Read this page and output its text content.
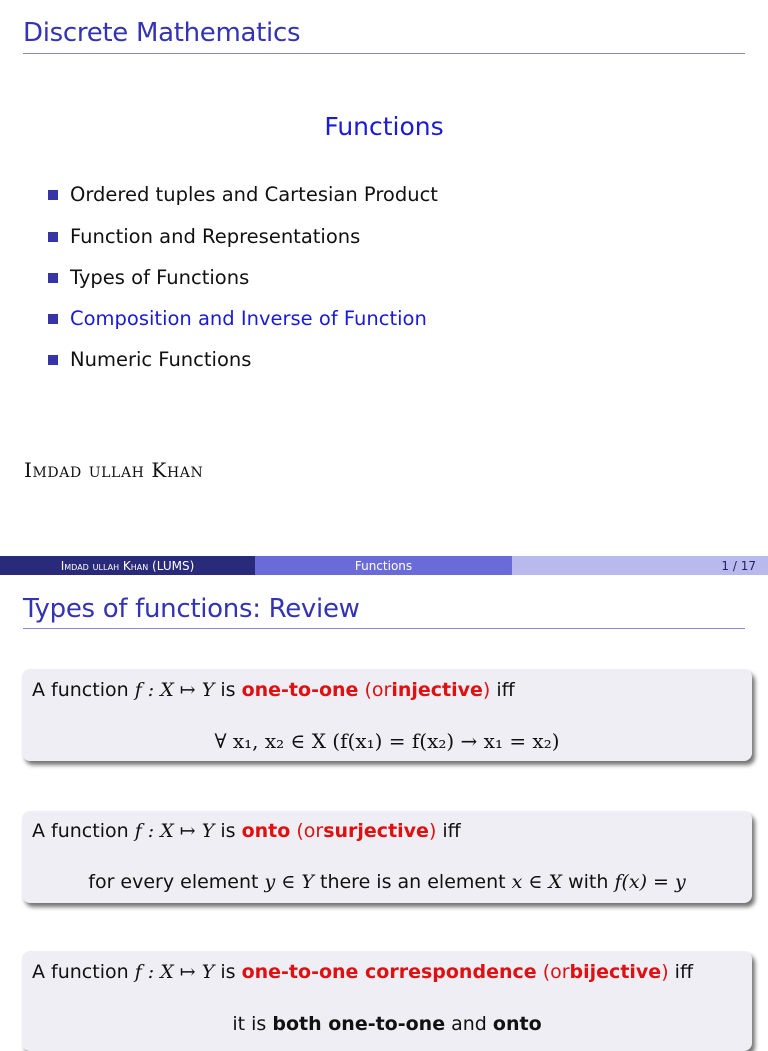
Discrete Mathematics
Functions
Ordered tuples and Cartesian Product
Function and Representations
Types of Functions
Composition and Inverse of Function
Numeric Functions
Imdad ullah Khan
Imdad ullah Khan (LUMS)	Functions	1 / 17
Types of functions: Review
A function f : X ↦ Y is one-to-one (orinjective) iff
∀ x₁, x₂ ∈ X (f(x₁) = f(x₂) → x₁ = x₂)
A function f : X ↦ Y is onto (orsurjective) iff
for every element y ∈ Y there is an element x ∈ X with f(x) = y
A function f : X ↦ Y is one-to-one correspondence (orbijective) iff
it is both one-to-one and onto
